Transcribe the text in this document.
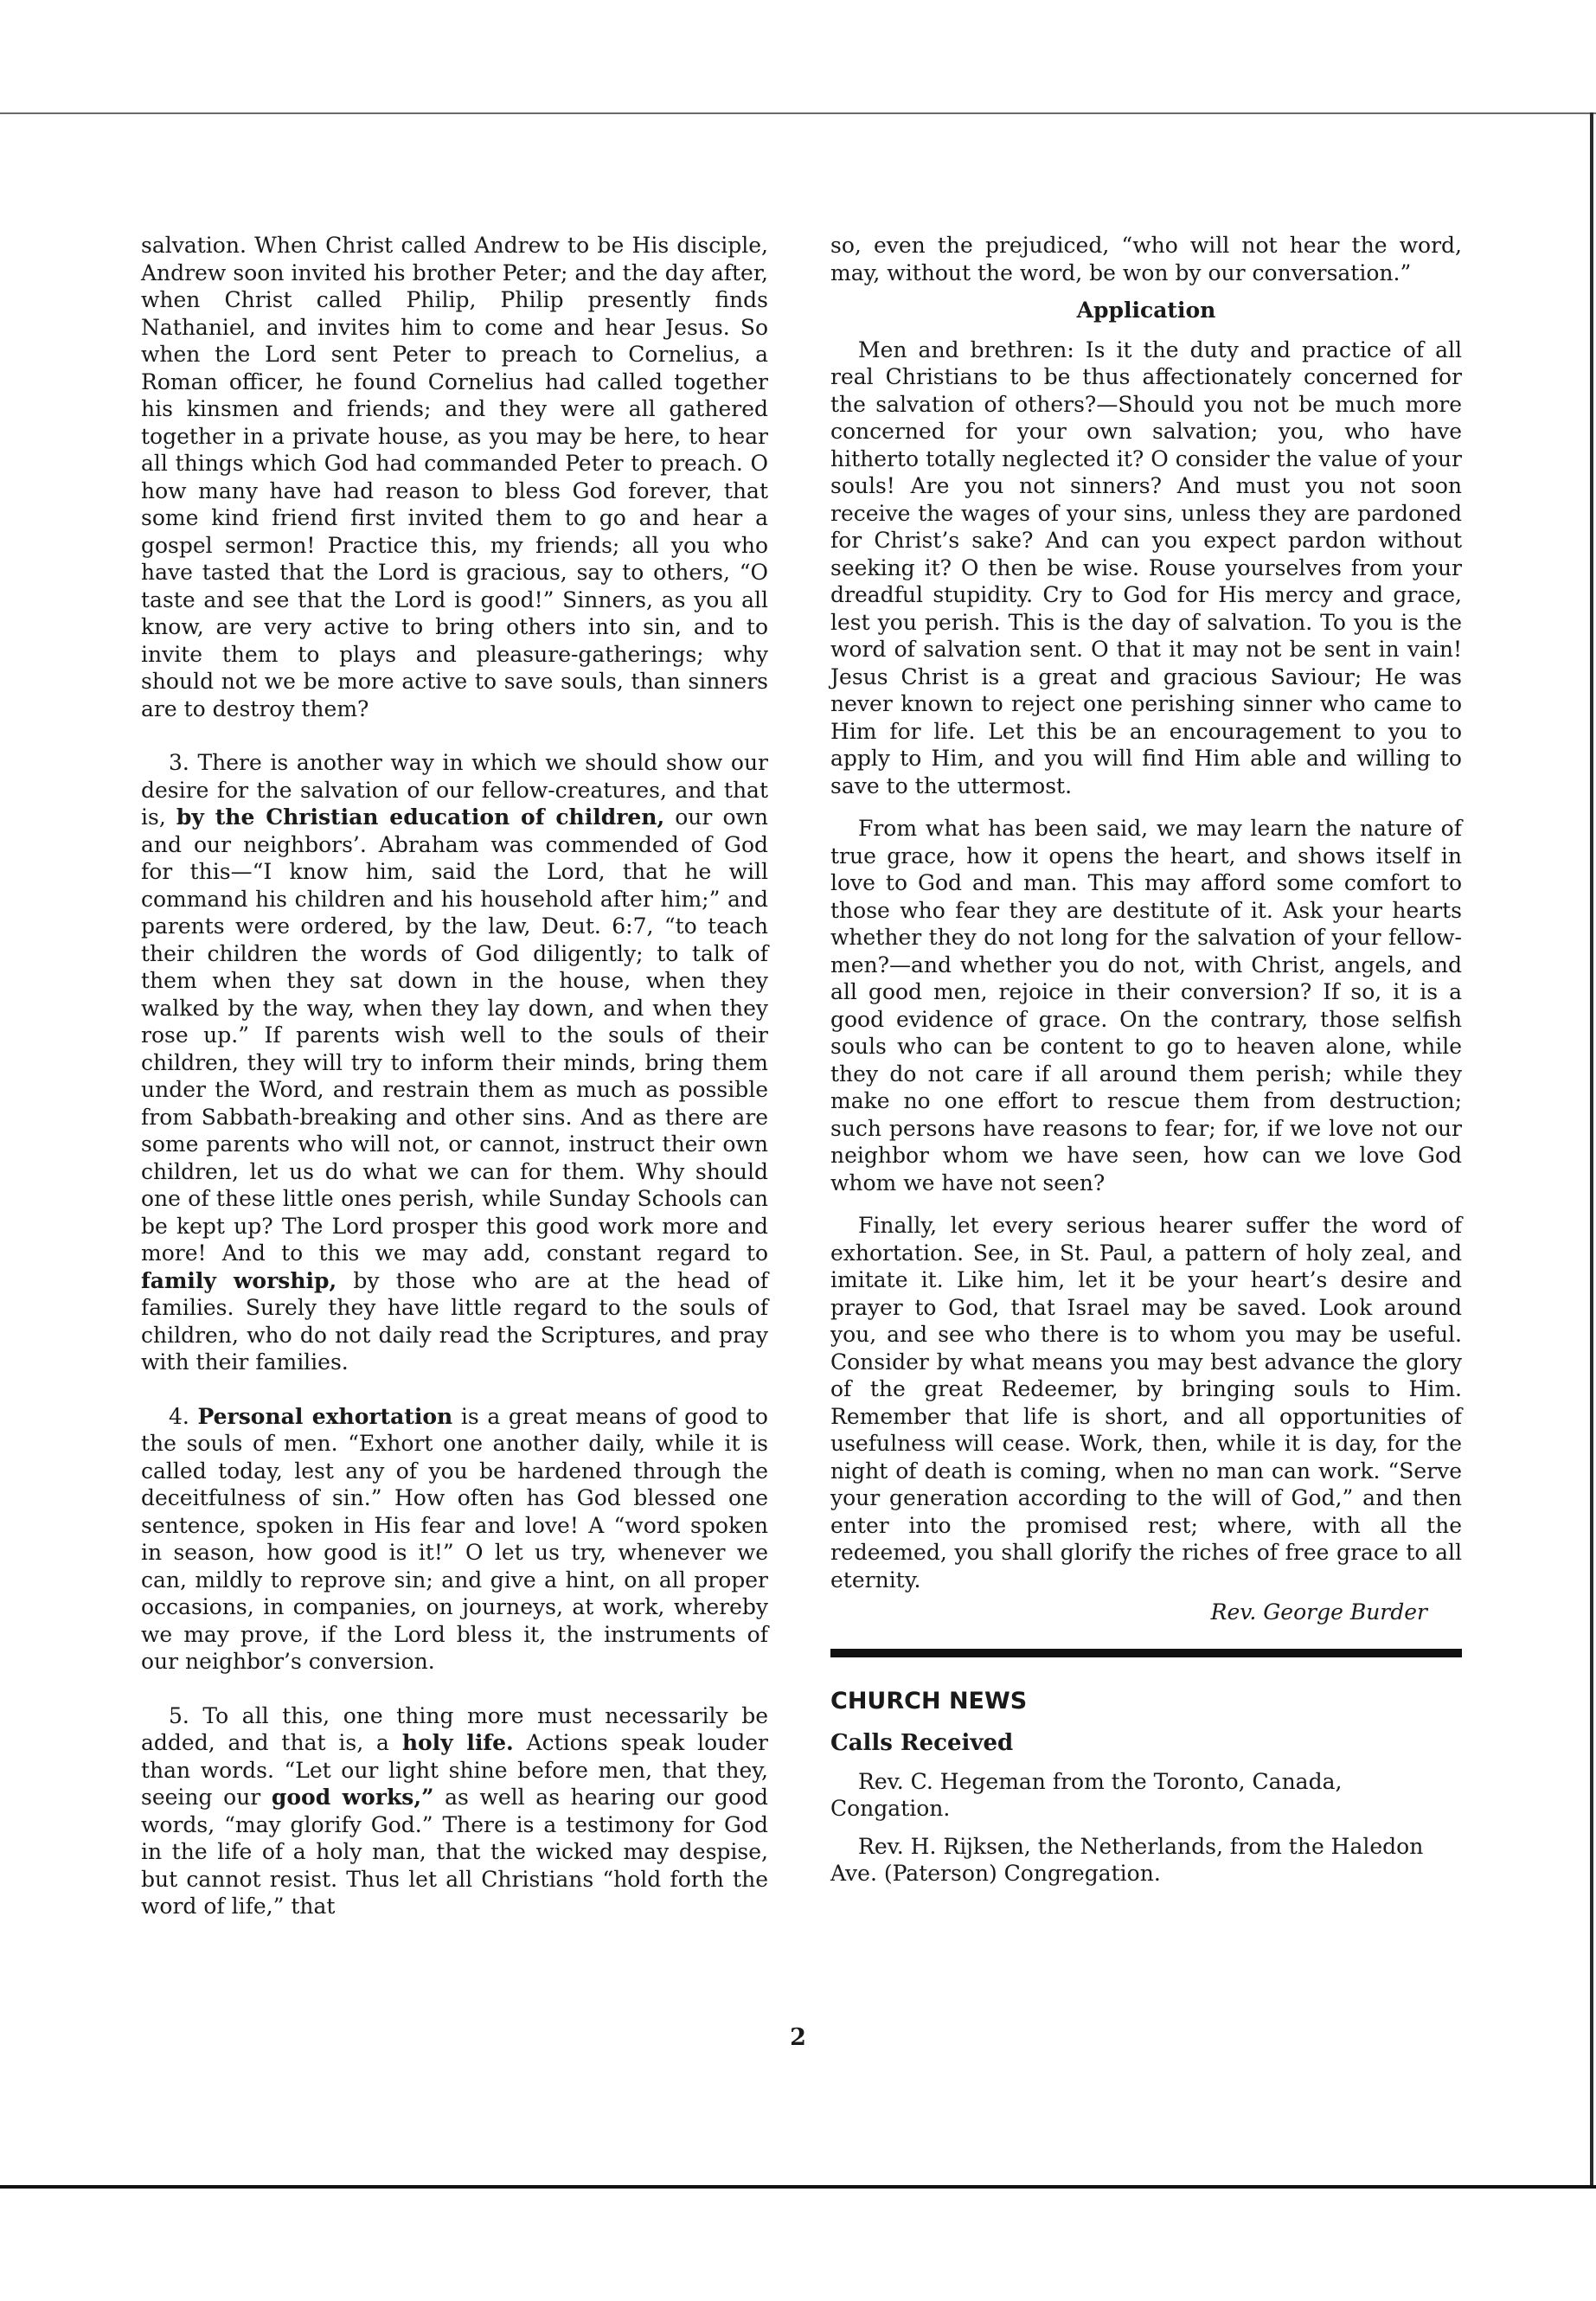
salvation. When Christ called Andrew to be His disciple, Andrew soon invited his brother Peter; and the day after, when Christ called Philip, Philip presently finds Nathaniel, and invites him to come and hear Jesus. So when the Lord sent Peter to preach to Cornelius, a Roman officer, he found Cornelius had called together his kinsmen and friends; and they were all gathered together in a private house, as you may be here, to hear all things which God had commanded Peter to preach. O how many have had reason to bless God forever, that some kind friend first invited them to go and hear a gospel sermon! Practice this, my friends; all you who have tasted that the Lord is gracious, say to others, “O taste and see that the Lord is good!” Sinners, as you all know, are very active to bring others into sin, and to invite them to plays and pleasure-gatherings; why should not we be more active to save souls, than sinners are to destroy them?

3. There is another way in which we should show our desire for the salvation of our fellow-creatures, and that is, by the Christian education of children, our own and our neighbors’. Abraham was commended of God for this—“I know him, said the Lord, that he will command his children and his household after him;” and parents were ordered, by the law, Deut. 6:7, “to teach their children the words of God diligently; to talk of them when they sat down in the house, when they walked by the way, when they lay down, and when they rose up.” If parents wish well to the souls of their children, they will try to inform their minds, bring them under the Word, and restrain them as much as possible from Sabbath-breaking and other sins. And as there are some parents who will not, or cannot, instruct their own children, let us do what we can for them. Why should one of these little ones perish, while Sunday Schools can be kept up? The Lord prosper this good work more and more! And to this we may add, constant regard to family worship, by those who are at the head of families. Surely they have little regard to the souls of children, who do not daily read the Scriptures, and pray with their families.

4. Personal exhortation is a great means of good to the souls of men. “Exhort one another daily, while it is called today, lest any of you be hardened through the deceitfulness of sin.” How often has God blessed one sentence, spoken in His fear and love! A “word spoken in season, how good is it!” O let us try, whenever we can, mildly to reprove sin; and give a hint, on all proper occasions, in companies, on journeys, at work, whereby we may prove, if the Lord bless it, the instruments of our neighbor’s conversion.

5. To all this, one thing more must necessarily be added, and that is, a holy life. Actions speak louder than words. “Let our light shine before men, that they, seeing our good works,” as well as hearing our good words, “may glorify God.” There is a testimony for God in the life of a holy man, that the wicked may despise, but cannot resist. Thus let all Christians “hold forth the word of life,” that

so, even the prejudiced, “who will not hear the word, may, without the word, be won by our conversation.”

Application

Men and brethren: Is it the duty and practice of all real Christians to be thus affectionately concerned for the salvation of others?—Should you not be much more concerned for your own salvation; you, who have hitherto totally neglected it? O consider the value of your souls! Are you not sinners? And must you not soon receive the wages of your sins, unless they are pardoned for Christ’s sake? And can you expect pardon without seeking it? O then be wise. Rouse yourselves from your dreadful stupidity. Cry to God for His mercy and grace, lest you perish. This is the day of salvation. To you is the word of salvation sent. O that it may not be sent in vain! Jesus Christ is a great and gracious Saviour; He was never known to reject one perishing sinner who came to Him for life. Let this be an encouragement to you to apply to Him, and you will find Him able and willing to save to the uttermost.

From what has been said, we may learn the nature of true grace, how it opens the heart, and shows itself in love to God and man. This may afford some comfort to those who fear they are destitute of it. Ask your hearts whether they do not long for the salvation of your fellow-men?—and whether you do not, with Christ, angels, and all good men, rejoice in their conversion? If so, it is a good evidence of grace. On the contrary, those selfish souls who can be content to go to heaven alone, while they do not care if all around them perish; while they make no one effort to rescue them from destruction; such persons have reasons to fear; for, if we love not our neighbor whom we have seen, how can we love God whom we have not seen?

Finally, let every serious hearer suffer the word of exhortation. See, in St. Paul, a pattern of holy zeal, and imitate it. Like him, let it be your heart’s desire and prayer to God, that Israel may be saved. Look around you, and see who there is to whom you may be useful. Consider by what means you may best advance the glory of the great Redeemer, by bringing souls to Him. Remember that life is short, and all opportunities of usefulness will cease. Work, then, while it is day, for the night of death is coming, when no man can work. “Serve your generation according to the will of God,” and then enter into the promised rest; where, with all the redeemed, you shall glorify the riches of free grace to all eternity.

Rev. George Burder
CHURCH NEWS
Calls Received

Rev. C. Hegeman from the Toronto, Canada, Congation.

Rev. H. Rijksen, the Netherlands, from the Haledon Ave. (Paterson) Congregation.

2
